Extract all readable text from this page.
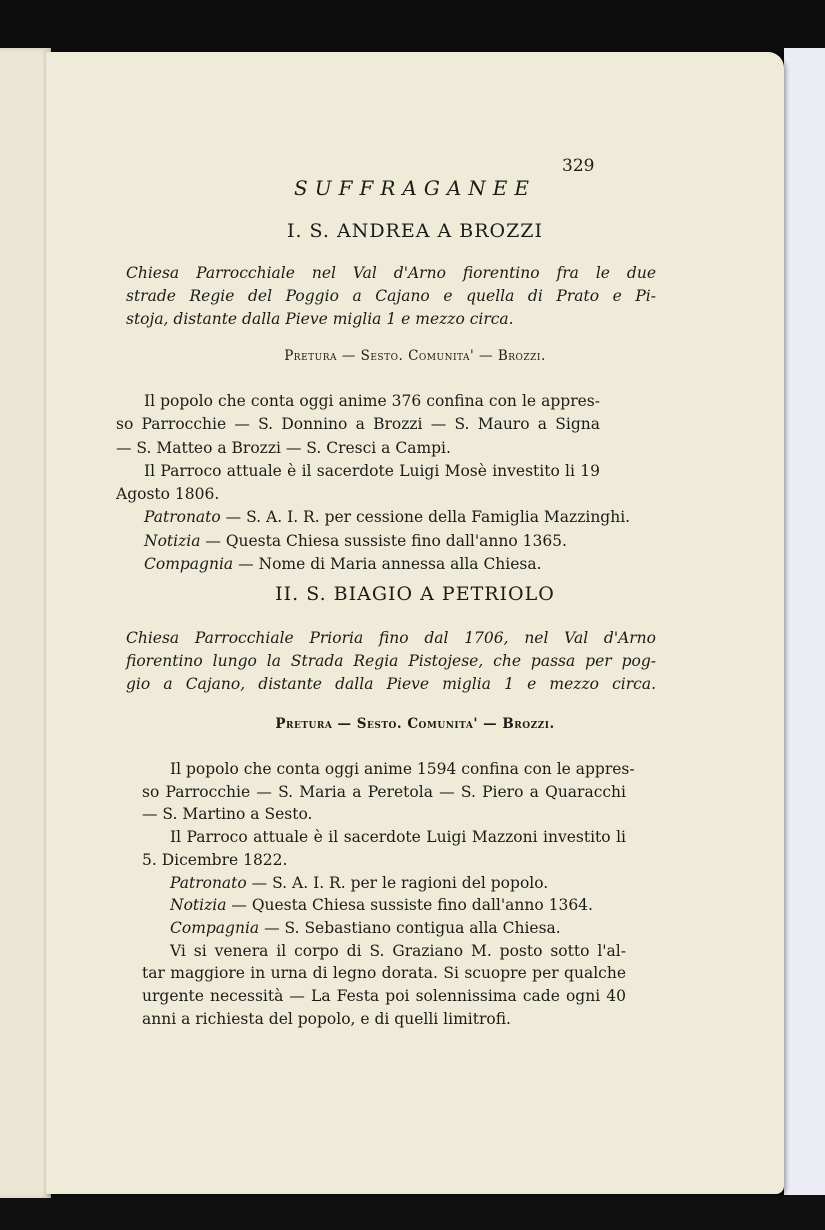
329
SUFFRAGANEE
I. S. ANDREA A BROZZI
Chiesa Parrocchiale nel Val d'Arno fiorentino fra le due
strade Regie del Poggio a Cajano e quella di Prato e Pi-
stoja, distante dalla Pieve miglia 1 e mezzo circa.
Pretura — Sesto. Comunita' — Brozzi.
Il popolo che conta oggi anime 376 confina con le appres-
so Parrocchie — S. Donnino a Brozzi — S. Mauro a Signa
— S. Matteo a Brozzi — S. Cresci a Campi.
Il Parroco attuale è il sacerdote Luigi Mosè investito li 19
Agosto 1806.
Patronato — S. A. I. R. per cessione della Famiglia Mazzinghi.
Notizia — Questa Chiesa sussiste fino dall'anno 1365.
Compagnia — Nome di Maria annessa alla Chiesa.
II. S. BIAGIO A PETRIOLO
Chiesa Parrocchiale Prioria fino dal 1706, nel Val d'Arno
fiorentino lungo la Strada Regia Pistojese, che passa per pog-
gio a Cajano, distante dalla Pieve miglia 1 e mezzo circa.
Pretura — Sesto. Comunita' — Brozzi.
Il popolo che conta oggi anime 1594 confina con le appres-
so Parrocchie — S. Maria a Peretola — S. Piero a Quaracchi
— S. Martino a Sesto.
Il Parroco attuale è il sacerdote Luigi Mazzoni investito li
5. Dicembre 1822.
Patronato — S. A. I. R. per le ragioni del popolo.
Notizia — Questa Chiesa sussiste fino dall'anno 1364.
Compagnia — S. Sebastiano contigua alla Chiesa.
Vi si venera il corpo di S. Graziano M. posto sotto l'al-
tar maggiore in urna di legno dorata. Si scuopre per qualche
urgente necessità — La Festa poi solennissima cade ogni 40
anni a richiesta del popolo, e di quelli limitrofi.
